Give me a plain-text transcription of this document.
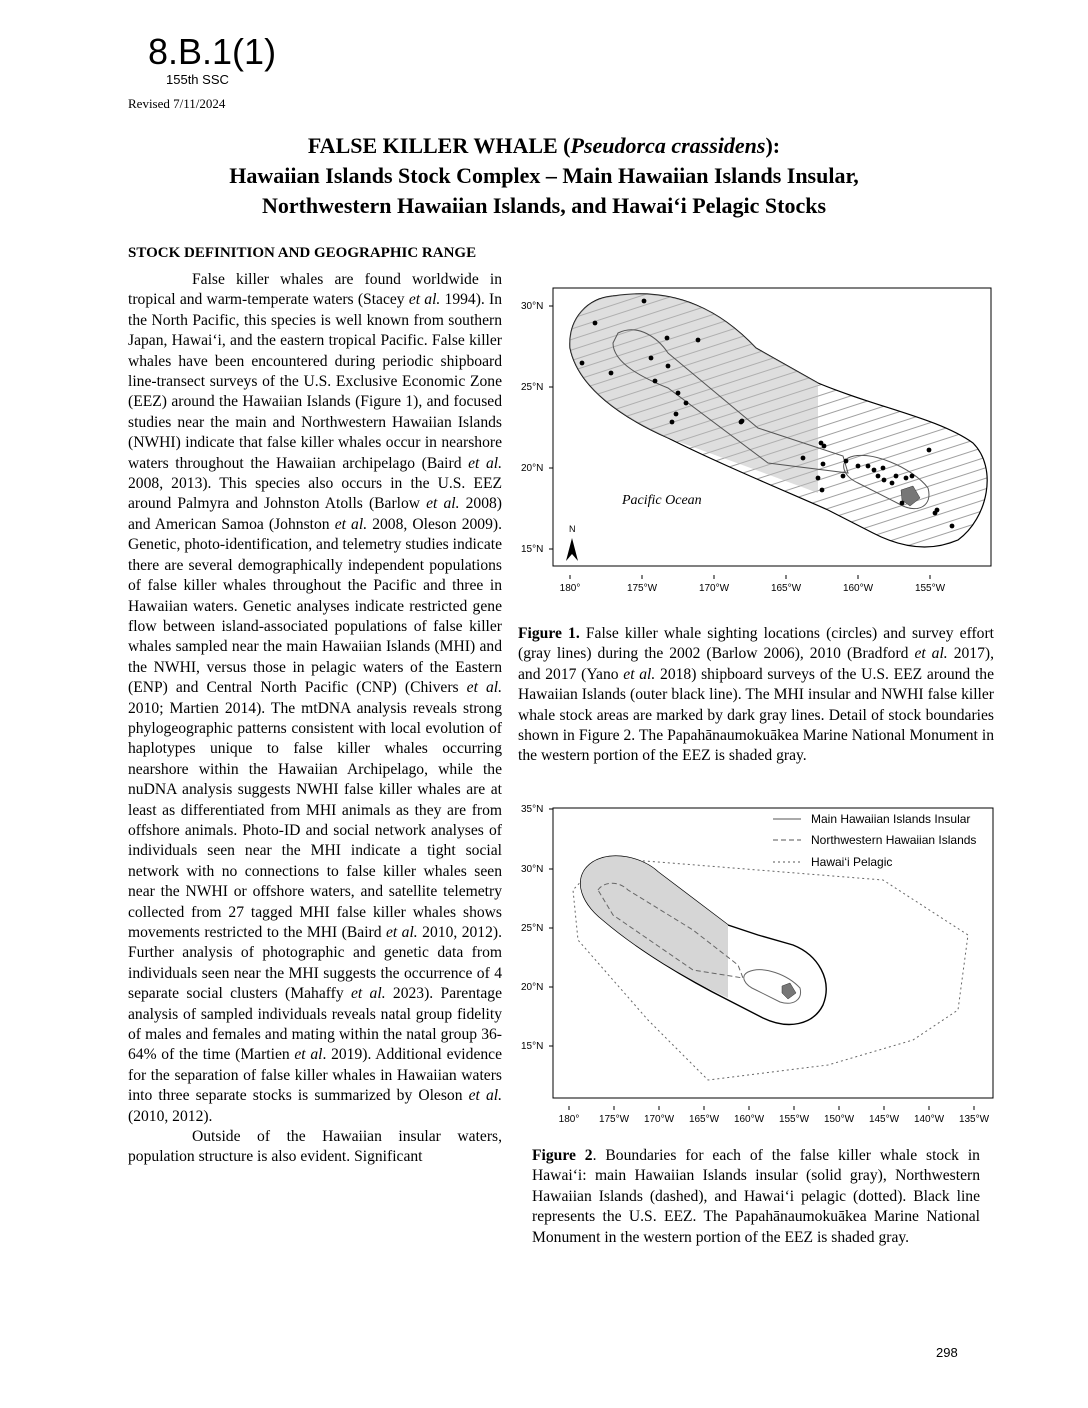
8.B.1(1)
155th SSC
Revised 7/11/2024
FALSE KILLER WHALE (Pseudorca crassidens):
Hawaiian Islands Stock Complex – Main Hawaiian Islands Insular,
Northwestern Hawaiian Islands, and Hawai‘i Pelagic Stocks
STOCK DEFINITION AND GEOGRAPHIC RANGE

False killer whales are found worldwide in tropical and warm-temperate waters (Stacey et al. 1994). In the North Pacific, this species is well known from southern Japan, Hawai‘i, and the eastern tropical Pacific. False killer whales have been encountered during periodic shipboard line-transect surveys of the U.S. Exclusive Economic Zone (EEZ) around the Hawaiian Islands (Figure 1), and focused studies near the main and Northwestern Hawaiian Islands (NWHI) indicate that false killer whales occur in nearshore waters throughout the Hawaiian archipelago (Baird et al. 2008, 2013). This species also occurs in the U.S. EEZ around Palmyra and Johnston Atolls (Barlow et al. 2008) and American Samoa (Johnston et al. 2008, Oleson 2009). Genetic, photo-identification, and telemetry studies indicate there are several demographically independent populations of false killer whales throughout the Pacific and three in Hawaiian waters. Genetic analyses indicate restricted gene flow between island-associated populations of false killer whales sampled near the main Hawaiian Islands (MHI) and the NWHI, versus those in pelagic waters of the Eastern (ENP) and Central North Pacific (CNP) (Chivers et al. 2010; Martien 2014). The mtDNA analysis reveals strong phylogeographic patterns consistent with local evolution of haplotypes unique to false killer whales occurring nearshore within the Hawaiian Archipelago, while the nuDNA analysis suggests NWHI false killer whales are at least as differentiated from MHI animals as they are from offshore animals. Photo-ID and social network analyses of individuals seen near the MHI indicate a tight social network with no connections to false killer whales seen near the NWHI or offshore waters, and satellite telemetry collected from 27 tagged MHI false killer whales shows movements restricted to the MHI (Baird et al. 2010, 2012). Further analysis of photographic and genetic data from individuals seen near the MHI suggests the occurrence of 4 separate social clusters (Mahaffy et al. 2023). Parentage analysis of sampled individuals reveals natal group fidelity of males and females and mating within the natal group 36-64% of the time (Martien et al. 2019). Additional evidence for the separation of false killer whales in Hawaiian waters into three separate stocks is summarized by Oleson et al. (2010, 2012).

Outside of the Hawaiian insular waters, population structure is also evident. Significant

Pacific Ocean
N
30°N
25°N
20°N
15°N
180°	175°W	170°W	165°W	160°W	155°W
Figure 1. False killer whale sighting locations (circles) and survey effort (gray lines) during the 2002 (Barlow 2006), 2010 (Bradford et al. 2017), and 2017 (Yano et al. 2018) shipboard surveys of the U.S. EEZ around the Hawaiian Islands (outer black line). The MHI insular and NWHI false killer whale stock areas are marked by dark gray lines. Detail of stock boundaries shown in Figure 2. The Papahānaumokuākea Marine National Monument in the western portion of the EEZ is shaded gray.
Main Hawaiian Islands Insular
Northwestern Hawaiian Islands
Hawai‘i Pelagic
35°N
30°N
25°N
20°N
15°N
180° 175°W 170°W 165°W 160°W 155°W 150°W 145°W 140°W 135°W
Figure 2. Boundaries for each of the false killer whale stock in Hawai‘i: main Hawaiian Islands insular (solid gray), Northwestern Hawaiian Islands (dashed), and Hawai‘i pelagic (dotted). Black line represents the U.S. EEZ. The Papahānaumokuākea Marine National Monument in the western portion of the EEZ is shaded gray.
298
